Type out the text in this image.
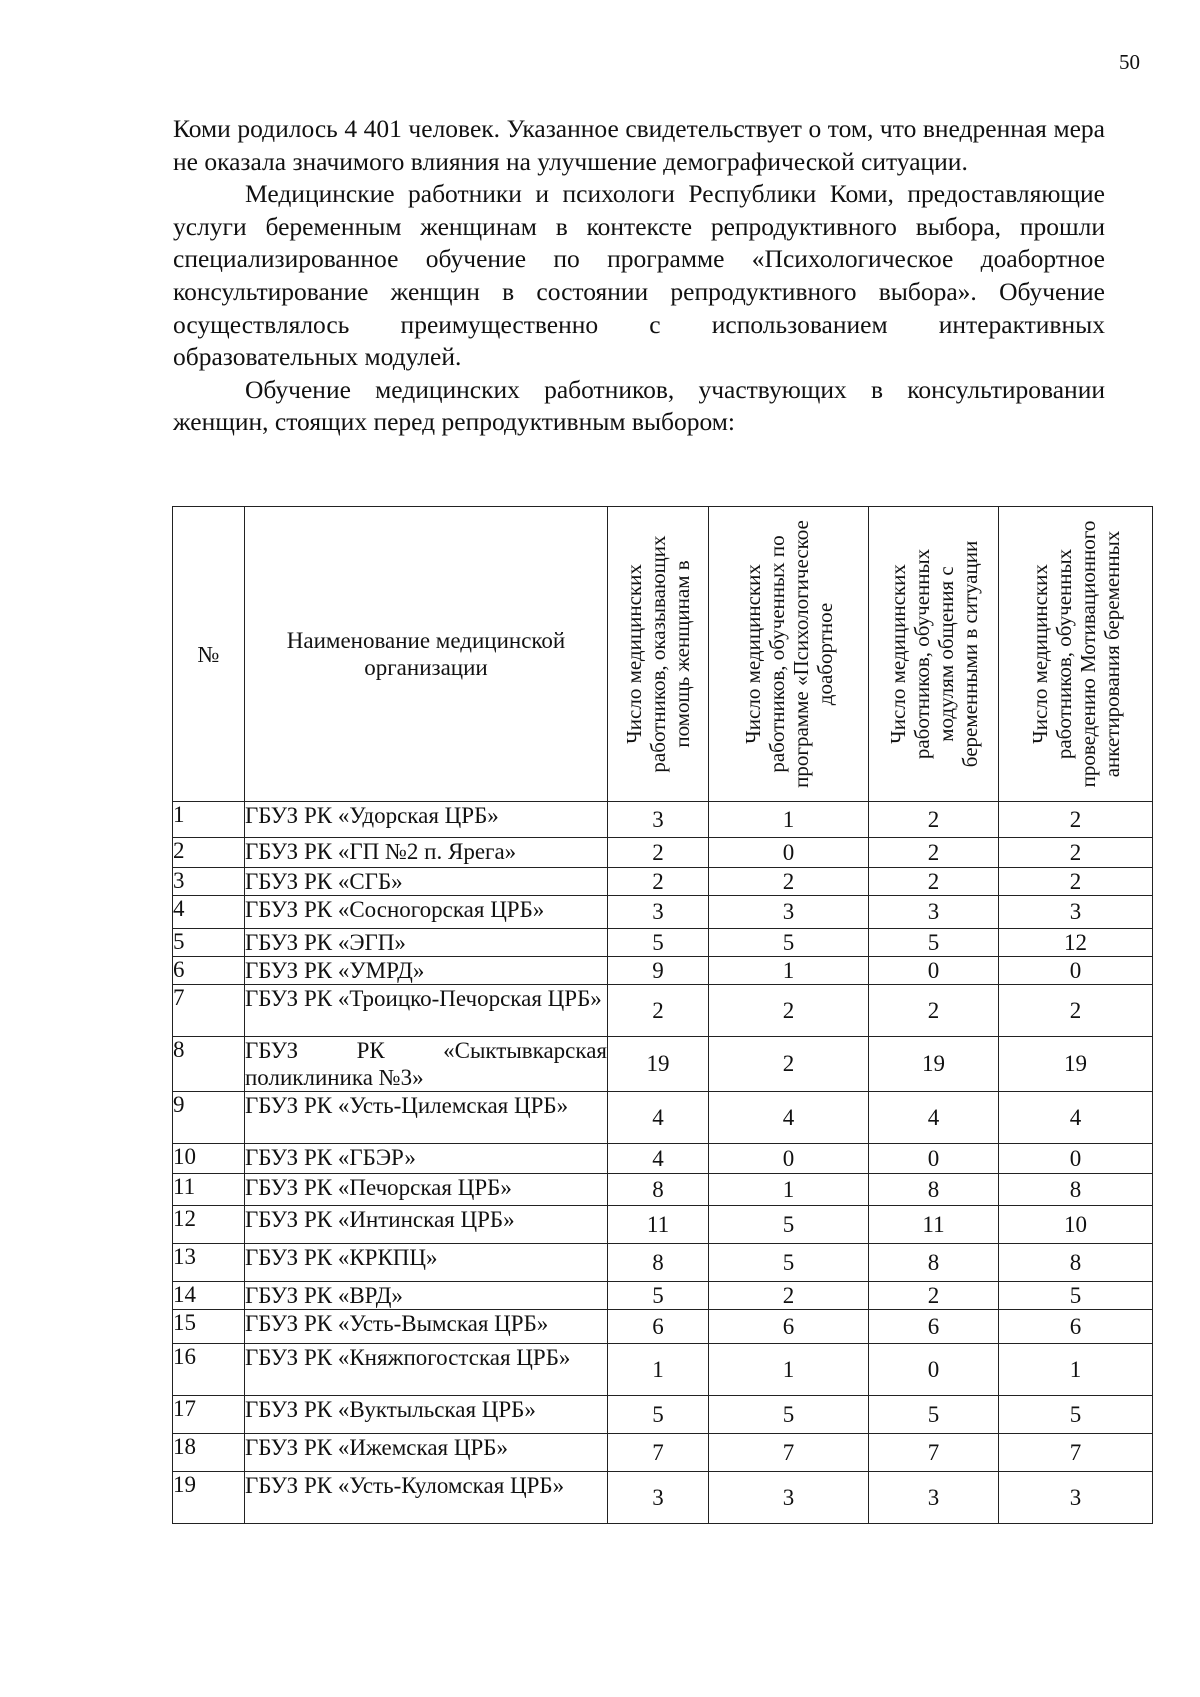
50

Коми родилось 4 401 человек. Указанное свидетельствует о том, что внедренная мера не оказала значимого влияния на улучшение демографической ситуации.

Медицинские работники и психологи Республики Коми, предоставляющие услуги беременным женщинам в контексте репродуктивного выбора, прошли специализированное обучение по программе «Психологическое доабортное консультирование женщин в состоянии репродуктивного выбора». Обучение осуществлялось преимущественно с использованием интерактивных образовательных модулей.

Обучение медицинских работников, участвующих в консультировании женщин, стоящих перед репродуктивным выбором:

№	Наименование медицинской организации	Число медицинских работников, оказывающих помощь женщинам в	Число медицинских работников, обученных по программе «Психологическое доабортное	Число медицинских работников, обученных модулям общения с беременными в ситуации	Число медицинских работников, обученных проведению Мотивационного анкетирования беременных

1	ГБУЗ РК «Удорская ЦРБ»	3	1	2	2
2	ГБУЗ РК «ГП №2 п. Ярега»	2	0	2	2
3	ГБУЗ РК «СГБ»	2	2	2	2
4	ГБУЗ РК «Сосногорская ЦРБ»	3	3	3	3
5	ГБУЗ РК «ЭГП»	5	5	5	12
6	ГБУЗ РК «УМРД»	9	1	0	0
7	ГБУЗ РК «Троицко-Печорская ЦРБ»	2	2	2	2
8	ГБУЗ РК «Сыктывкарская поликлиника №3»	19	2	19	19
9	ГБУЗ РК «Усть-Цилемская ЦРБ»	4	4	4	4
10	ГБУЗ РК «ГБЭР»	4	0	0	0
11	ГБУЗ РК «Печорская ЦРБ»	8	1	8	8
12	ГБУЗ РК «Интинская ЦРБ»	11	5	11	10
13	ГБУЗ РК «КРКПЦ»	8	5	8	8
14	ГБУЗ РК «ВРД»	5	2	2	5
15	ГБУЗ РК «Усть-Вымская ЦРБ»	6	6	6	6
16	ГБУЗ РК «Княжпогостская ЦРБ»	1	1	0	1
17	ГБУЗ РК «Вуктыльская ЦРБ»	5	5	5	5
18	ГБУЗ РК «Ижемская ЦРБ»	7	7	7	7
19	ГБУЗ РК «Усть-Куломская ЦРБ»	3	3	3	3
